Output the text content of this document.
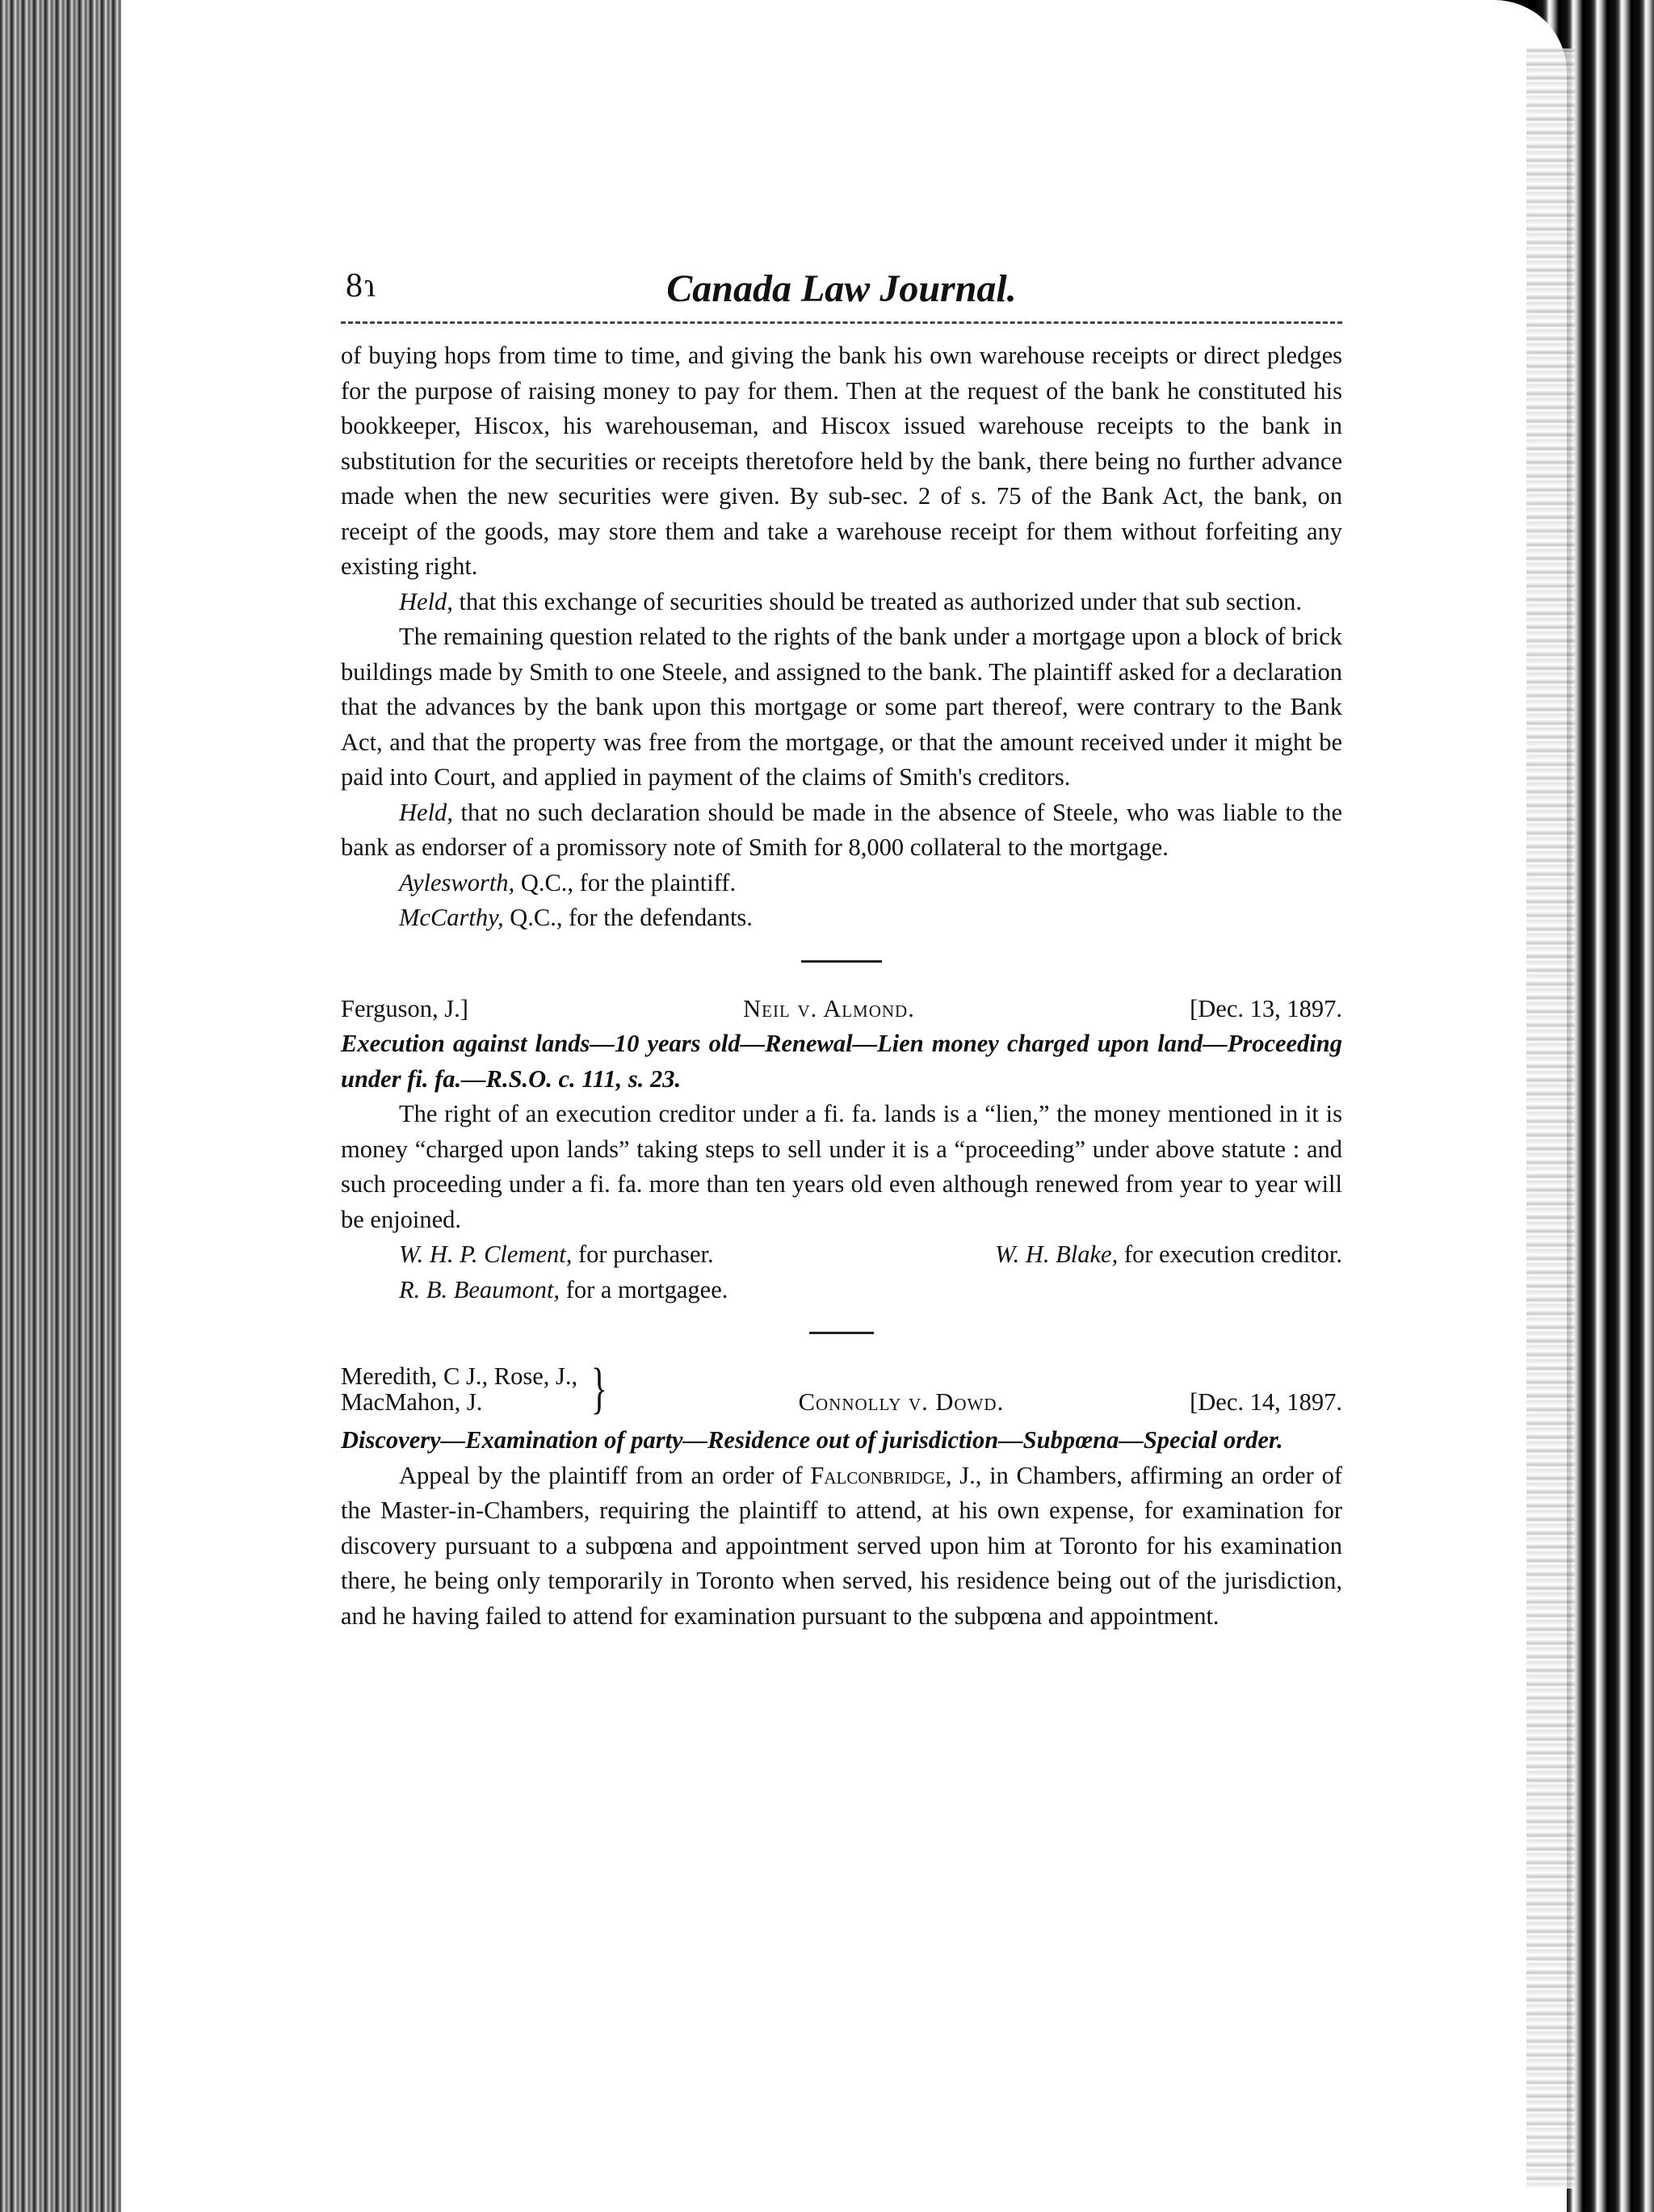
8ɿ	Canada Law Journal.

of buying hops from time to time, and giving the bank his own warehouse receipts or direct pledges for the purpose of raising money to pay for them. Then at the request of the bank he constituted his bookkeeper, Hiscox, his warehouseman, and Hiscox issued warehouse receipts to the bank in substitution for the securities or receipts theretofore held by the bank, there being no further advance made when the new securities were given. By sub-sec. 2 of s. 75 of the Bank Act, the bank, on receipt of the goods, may store them and take a warehouse receipt for them without forfeiting any existing right.

Held, that this exchange of securities should be treated as authorized under that sub section.

The remaining question related to the rights of the bank under a mortgage upon a block of brick buildings made by Smith to one Steele, and assigned to the bank. The plaintiff asked for a declaration that the advances by the bank upon this mortgage or some part thereof, were contrary to the Bank Act, and that the property was free from the mortgage, or that the amount received under it might be paid into Court, and applied in payment of the claims of Smith's creditors.

Held, that no such declaration should be made in the absence of Steele, who was liable to the bank as endorser of a promissory note of Smith for 8,000 collateral to the mortgage.

Aylesworth, Q.C., for the plaintiff.
McCarthy, Q.C., for the defendants.
Ferguson, J.]	Neil v. Almond.	[Dec. 13, 1897.

Execution against lands—10 years old—Renewal—Lien money charged upon land—Proceeding under fi. fa.—R.S.O. c. 111, s. 23.

The right of an execution creditor under a fi. fa. lands is a “lien,” the money mentioned in it is money “charged upon lands” taking steps to sell under it is a “proceeding” under above statute : and such proceeding under a fi. fa. more than ten years old even although renewed from year to year will be enjoined.

W. H. P. Clement, for purchaser.	W. H. Blake, for execution creditor.
R. B. Beaumont, for a mortgagee.
Meredith, C J., Rose, J.,
MacMahon, J.	}	Connolly v. Dowd.	[Dec. 14, 1897.

Discovery—Examination of party—Residence out of jurisdiction—Subpœna—Special order.

Appeal by the plaintiff from an order of Falconbridge, J., in Chambers, affirming an order of the Master-in-Chambers, requiring the plaintiff to attend, at his own expense, for examination for discovery pursuant to a subpœna and appointment served upon him at Toronto for his examination there, he being only temporarily in Toronto when served, his residence being out of the jurisdiction, and he having failed to attend for examination pursuant to the subpœna and appointment.
